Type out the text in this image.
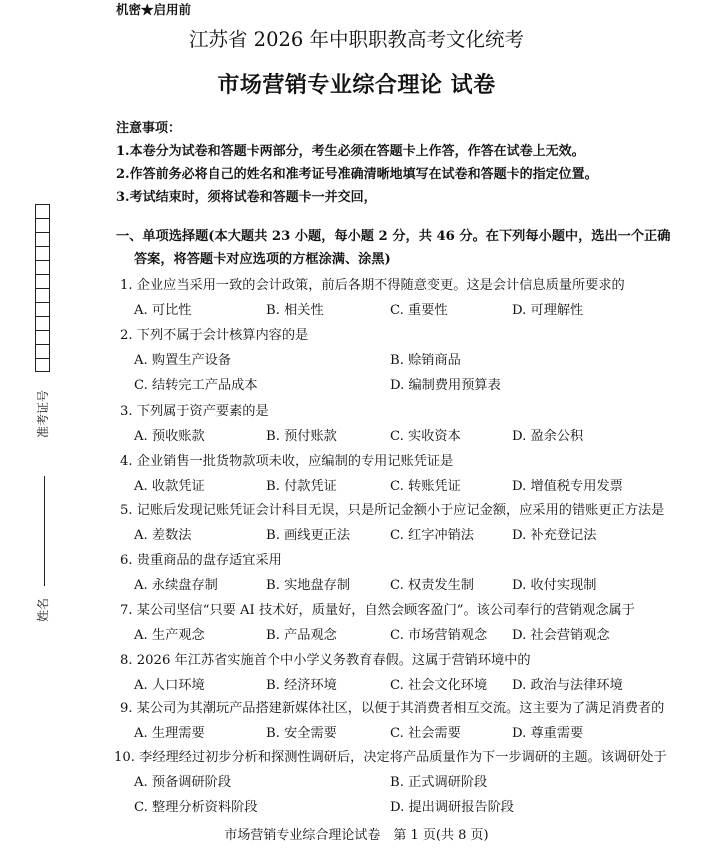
机密★启用前
江苏省 2026 年中职职教高考文化统考
市场营销专业综合理论 试卷
注意事项：
1.本卷分为试卷和答题卡两部分，考生必须在答题卡上作答，作答在试卷上无效。
2.作答前务必将自己的姓名和准考证号准确清晰地填写在试卷和答题卡的指定位置。
3.考试结束时，须将试卷和答题卡一并交回，
准考证号
姓名
一、单项选择题(本大题共 23 小题，每小题 2 分，共 46 分。在下列每小题中，选出一个正确
答案，将答题卡对应选项的方框涂满、涂黑)
1. 企业应当采用一致的会计政策，前后各期不得随意变更。这是会计信息质量所要求的
A. 可比性	B. 相关性	C. 重要性	D. 可理解性
2. 下列不属于会计核算内容的是
A. 购置生产设备	B. 赊销商品
C. 结转完工产品成本	D. 编制费用预算表
3. 下列属于资产要素的是
A. 预收账款	B. 预付账款	C. 实收资本	D. 盈余公积
4. 企业销售一批货物款项未收，应编制的专用记账凭证是
A. 收款凭证	B. 付款凭证	C. 转账凭证	D. 增值税专用发票
5. 记账后发现记账凭证会计科目无误，只是所记金额小于应记金额，应采用的错账更正方法是
A. 差数法	B. 画线更正法	C. 红字冲销法	D. 补充登记法
6. 贵重商品的盘存适宜采用
A. 永续盘存制	B. 实地盘存制	C. 权责发生制	D. 收付实现制
7. 某公司坚信“只要 AI 技术好，质量好，自然会顾客盈门”。该公司奉行的营销观念属于
A. 生产观念	B. 产品观念	C. 市场营销观念 D. 社会营销观念
8. 2026 年江苏省实施首个中小学义务教育春假。这属于营销环境中的
A. 人口环境	B. 经济环境	C. 社会文化环境 D. 政治与法律环境
9. 某公司为其潮玩产品搭建新媒体社区，以便于其消费者相互交流。这主要为了满足消费者的
A. 生理需要	B. 安全需要	C. 社会需要	D. 尊重需要
10. 李经理经过初步分析和探测性调研后，决定将产品质量作为下一步调研的主题。该调研处于
A. 预备调研阶段	B. 正式调研阶段
C. 整理分析资料阶段	D. 提出调研报告阶段
市场营销专业综合理论试卷　第 1 页(共 8 页)
